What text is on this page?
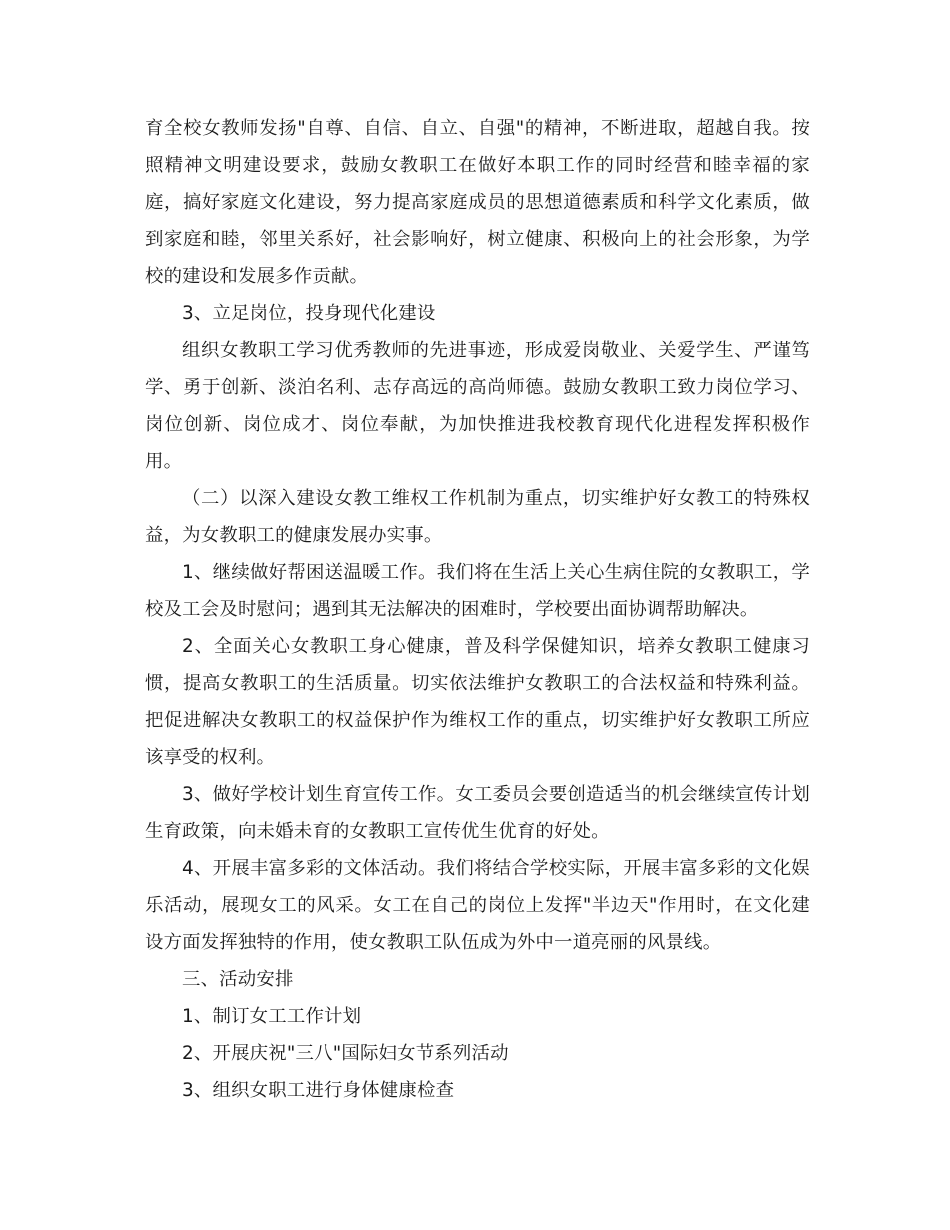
育全校女教师发扬"自尊、自信、自立、自强"的精神，不断进取，超越自我。按照精神文明建设要求，鼓励女教职工在做好本职工作的同时经营和睦幸福的家庭，搞好家庭文化建设，努力提高家庭成员的思想道德素质和科学文化素质，做到家庭和睦，邻里关系好，社会影响好，树立健康、积极向上的社会形象，为学校的建设和发展多作贡献。

3、立足岗位，投身现代化建设

组织女教职工学习优秀教师的先进事迹，形成爱岗敬业、关爱学生、严谨笃学、勇于创新、淡泊名利、志存高远的高尚师德。鼓励女教职工致力岗位学习、岗位创新、岗位成才、岗位奉献，为加快推进我校教育现代化进程发挥积极作用。

（二）以深入建设女教工维权工作机制为重点，切实维护好女教工的特殊权益，为女教职工的健康发展办实事。

1、继续做好帮困送温暖工作。我们将在生活上关心生病住院的女教职工，学校及工会及时慰问；遇到其无法解决的困难时，学校要出面协调帮助解决。

2、全面关心女教职工身心健康，普及科学保健知识，培养女教职工健康习惯，提高女教职工的生活质量。切实依法维护女教职工的合法权益和特殊利益。把促进解决女教职工的权益保护作为维权工作的重点，切实维护好女教职工所应该享受的权利。

3、做好学校计划生育宣传工作。女工委员会要创造适当的机会继续宣传计划生育政策，向未婚未育的女教职工宣传优生优育的好处。

4、开展丰富多彩的文体活动。我们将结合学校实际，开展丰富多彩的文化娱乐活动，展现女工的风采。女工在自己的岗位上发挥"半边天"作用时，在文化建设方面发挥独特的作用，使女教职工队伍成为外中一道亮丽的风景线。

三、活动安排

1、制订女工工作计划

2、开展庆祝"三八"国际妇女节系列活动

3、组织女职工进行身体健康检查
